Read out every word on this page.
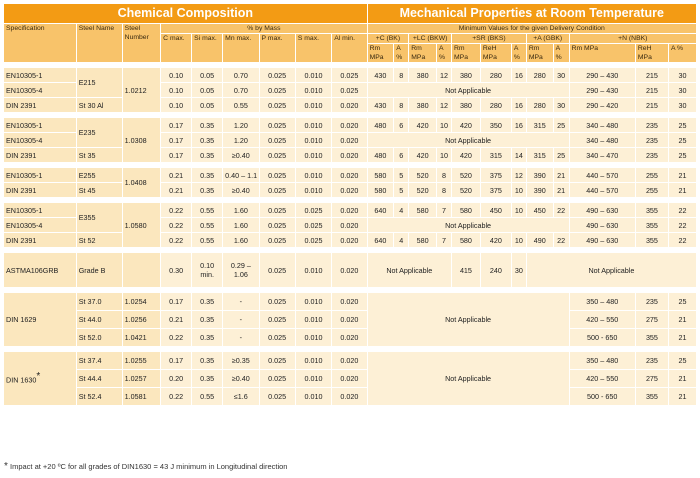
Chemical Composition									Mechanical Properties at Room Temperature											
Specification	Steel Name	Steel Number	% by Mass						Minimum Values for the given Delivery Condition											
			C max.	Si max.	Mn max.	P max.	S max.	Al min.	+C (BK)		+LC (BKW)		+SR (BKS)			+A (GBK)		+N (NBK)		
									Rm MPa	A %	Rm MPa	A %	Rm MPa	ReH MPa	A %	Rm MPa	A %	Rm MPa	ReH MPa	A %

EN10305-1	E215	1.0212	0.10	0.05	0.70	0.025	0.010	0.025	430	8	380	12	380	280	16	280	30	290 – 430	215	30
EN10305-4			0.10	0.05	0.70	0.025	0.010	0.025	Not Applicable									290 – 430	215	30
DIN 2391	St 30 Al		0.10	0.05	0.55	0.025	0.010	0.020	430	8	380	12	380	280	16	280	30	290 – 420	215	30

EN10305-1	E235	1.0308	0.17	0.35	1.20	0.025	0.010	0.020	480	6	420	10	420	350	16	315	25	340 – 480	235	25
EN10305-4			0.17	0.35	1.20	0.025	0.010	0.020	Not Applicable									340 – 480	235	25
DIN 2391	St 35		0.17	0.35	≥0.40	0.025	0.010	0.020	480	6	420	10	420	315	14	315	25	340 – 470	235	25

EN10305-1	E255	1.0408	0.21	0.35	0.40 – 1.1	0.025	0.010	0.020	580	5	520	8	520	375	12	390	21	440 – 570	255	21
DIN 2391	St 45		0.21	0.35	≥0.40	0.025	0.010	0.020	580	5	520	8	520	375	10	390	21	440 – 570	255	21

EN10305-1	E355	1.0580	0.22	0.55	1.60	0.025	0.025	0.020	640	4	580	7	580	450	10	450	22	490 – 630	355	22
EN10305-4			0.22	0.55	1.60	0.025	0.025	0.020	Not Applicable									490 – 630	355	22
DIN 2391	St 52		0.22	0.55	1.60	0.025	0.025	0.020	640	4	580	7	580	420	10	490	22	490 – 630	355	22

ASTMA106GRB	Grade B		0.30	0.10 min.	0.29 – 1.06	0.025	0.010	0.020	Not Applicable				415	240	30	Not Applicable				

DIN 1629	St 37.0	1.0254	0.17	0.35	-	0.025	0.010	0.020	Not Applicable									350 – 480	235	25
	St 44.0	1.0256	0.21	0.35	-	0.025	0.010	0.020										420 – 550	275	21
	St 52.0	1.0421	0.22	0.35	-	0.025	0.010	0.020										500 - 650	355	21

DIN 1630*	St 37.4	1.0255	0.17	0.35	≥0.35	0.025	0.010	0.020	Not Applicable									350 – 480	235	25
	St 44.4	1.0257	0.20	0.35	≥0.40	0.025	0.010	0.020										420 – 550	275	21
	St 52.4	1.0581	0.22	0.55	≤1.6	0.025	0.010	0.020										500 - 650	355	21
* Impact at +20 ºC for all grades of DIN1630 = 43 J minimum in Longitudinal direction
